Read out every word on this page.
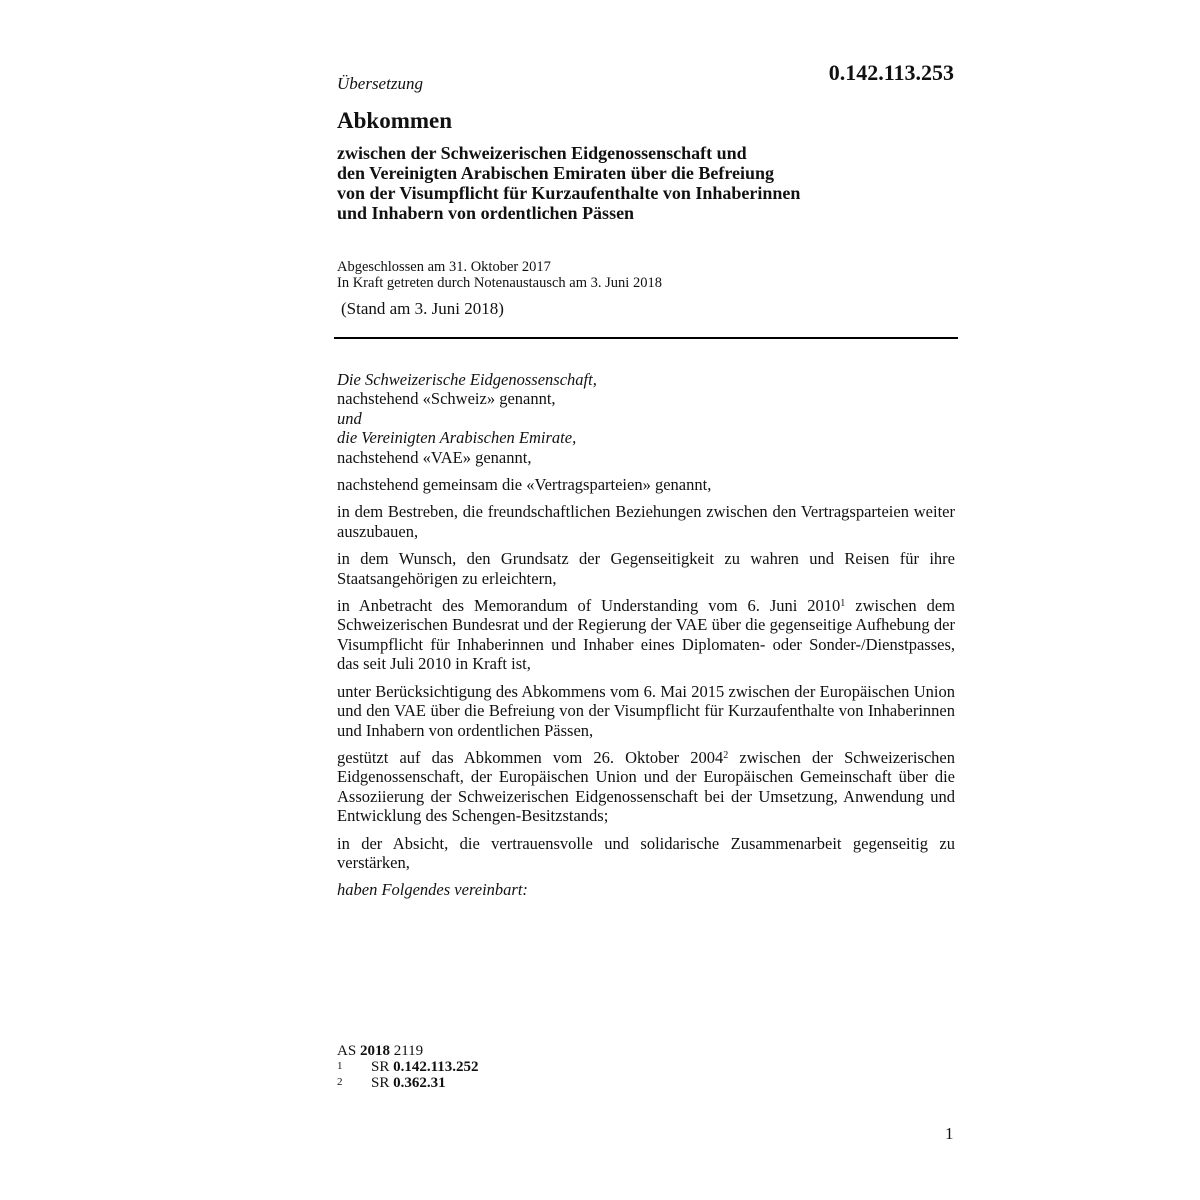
Übersetzung	0.142.113.253
Abkommen
zwischen der Schweizerischen Eidgenossenschaft und
den Vereinigten Arabischen Emiraten über die Befreiung
von der Visumpflicht für Kurzaufenthalte von Inhaberinnen
und Inhabern von ordentlichen Pässen
Abgeschlossen am 31. Oktober 2017
In Kraft getreten durch Notenaustausch am 3. Juni 2018
(Stand am 3. Juni 2018)
Die Schweizerische Eidgenossenschaft,
nachstehend «Schweiz» genannt,
und
die Vereinigten Arabischen Emirate,
nachstehend «VAE» genannt,

nachstehend gemeinsam die «Vertragsparteien» genannt,

in dem Bestreben, die freundschaftlichen Beziehungen zwischen den Vertragsparteien weiter auszubauen,

in dem Wunsch, den Grundsatz der Gegenseitigkeit zu wahren und Reisen für ihre Staatsangehörigen zu erleichtern,

in Anbetracht des Memorandum of Understanding vom 6. Juni 2010$^1$ zwischen dem Schweizerischen Bundesrat und der Regierung der VAE über die gegenseitige Aufhebung der Visumpflicht für Inhaberinnen und Inhaber eines Diplomaten- oder Sonder-/Dienstpasses, das seit Juli 2010 in Kraft ist,

unter Berücksichtigung des Abkommens vom 6. Mai 2015 zwischen der Europäischen Union und den VAE über die Befreiung von der Visumpflicht für Kurzaufenthalte von Inhaberinnen und Inhabern von ordentlichen Pässen,

gestützt auf das Abkommen vom 26. Oktober 2004$^2$ zwischen der Schweizerischen Eidgenossenschaft, der Europäischen Union und der Europäischen Gemeinschaft über die Assoziierung der Schweizerischen Eidgenossenschaft bei der Umsetzung, Anwendung und Entwicklung des Schengen-Besitzstands;

in der Absicht, die vertrauensvolle und solidarische Zusammenarbeit gegenseitig zu verstärken,

haben Folgendes vereinbart:

AS 2018 2119
1	SR 0.142.113.252
2	SR 0.362.31
1
